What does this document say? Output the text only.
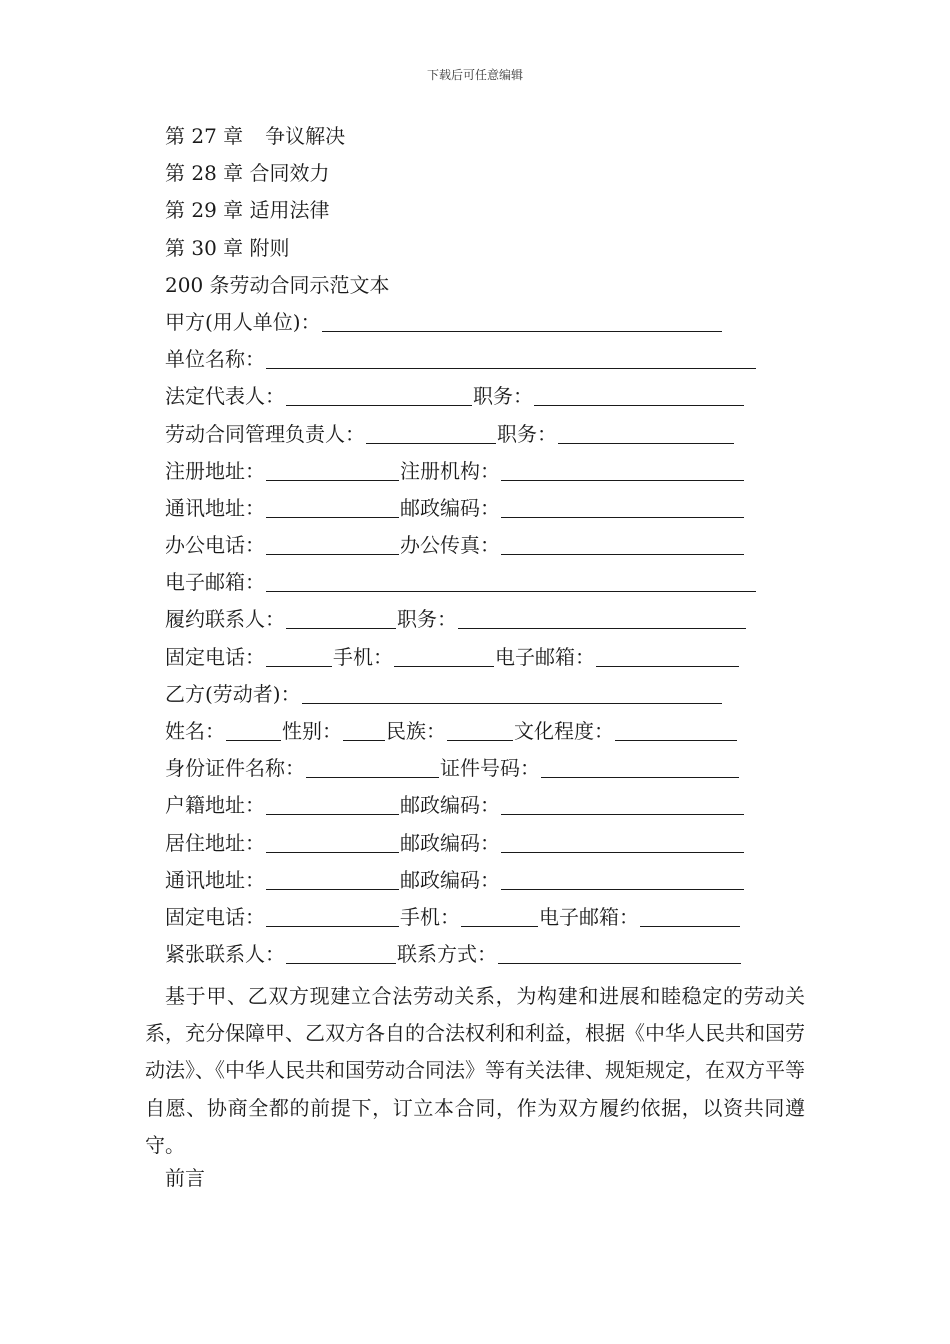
下载后可任意编辑
第 27 章 争议解决
第 28 章
合同效力
第 29 章
适用法律
第 30 章
附则
200 条劳动合同示范文本
甲方(用人单位)：
单位名称：
法定代表人：	职务：
劳动合同管理负责人：	职务：
注册地址：	注册机构：
通讯地址：	邮政编码：
办公电话：	办公传真：
电子邮箱：
履约联系人：	职务：
固定电话：	手机：	电子邮箱：
乙方(劳动者)：
姓名：	性别： 民族：	文化程度：
身份证件名称：	证件号码：
户籍地址：	邮政编码：
居住地址：	邮政编码：
通讯地址：	邮政编码：
固定电话：	手机：	电子邮箱：
紧张联系人：	联系方式：
基于甲、乙双方现建立合法劳动关系，为构建和进展和睦稳定的劳动关系，充分保障甲、乙双方各自的合法权利和利益，根据《中华人民共和国劳动法》、《中华人民共和国劳动合同法》等有关法律、规矩规定，在双方平等自愿、协商全都的前提下，订立本合同，作为双方履约依据，以资共同遵守。
前言
